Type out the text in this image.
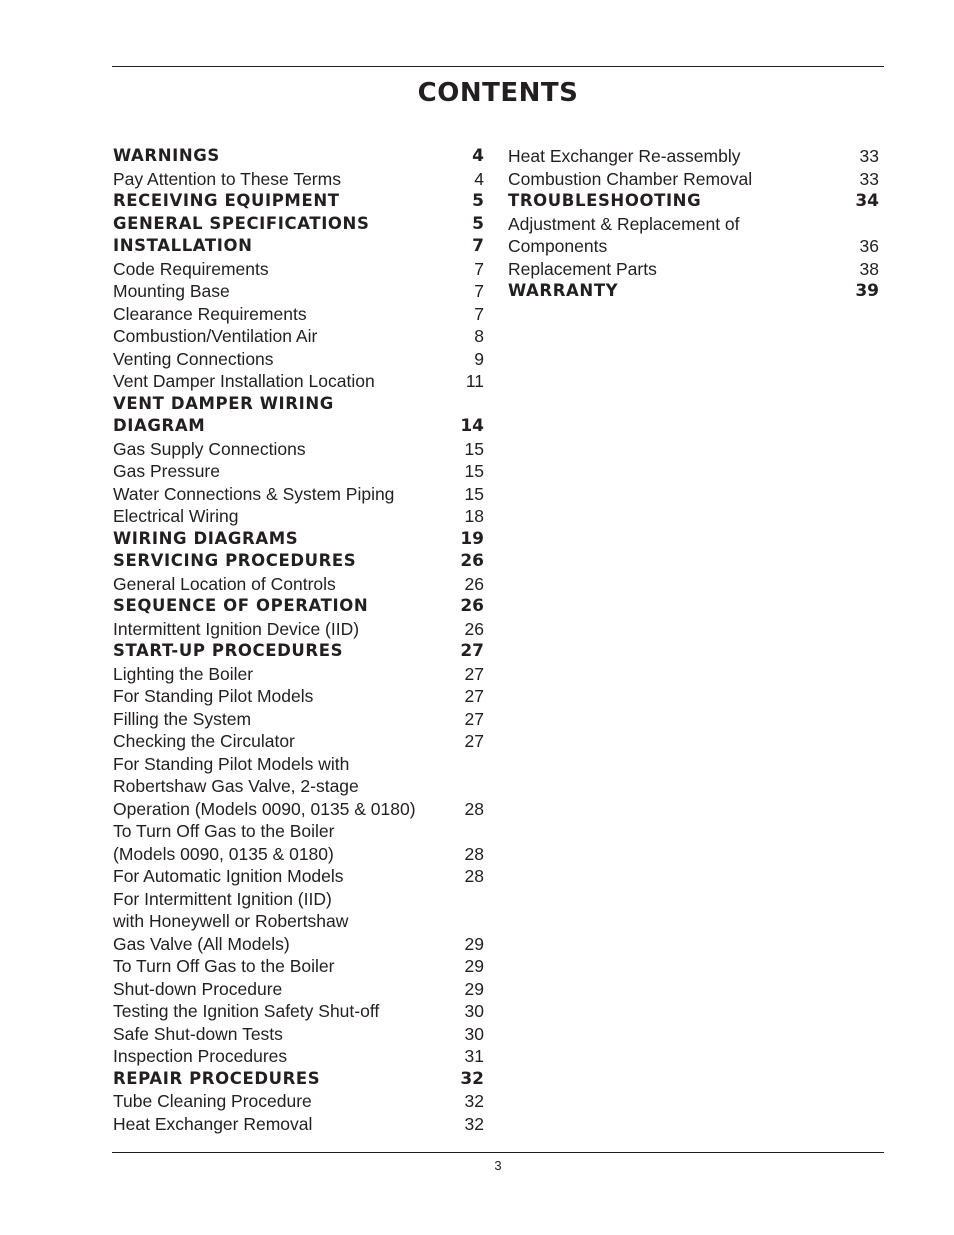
CONTENTS
WARNINGS	4
Pay Attention to These Terms	4
RECEIVING EQUIPMENT	5
GENERAL SPECIFICATIONS	5
INSTALLATION	7
Code Requirements	7
Mounting Base	7
Clearance Requirements	7
Combustion/Ventilation Air	8
Venting Connections	9
Vent Damper Installation Location	11
VENT DAMPER WIRING
DIAGRAM	14
Gas Supply Connections	15
Gas Pressure	15
Water Connections & System Piping	15
Electrical Wiring	18
WIRING DIAGRAMS	19
SERVICING PROCEDURES	26
General Location of Controls	26
SEQUENCE OF OPERATION	26
Intermittent Ignition Device (IID)	26
START-UP PROCEDURES	27
Lighting the Boiler	27
For Standing Pilot Models	27
Filling the System	27
Checking the Circulator	27
For Standing Pilot Models with
Robertshaw Gas Valve, 2-stage
Operation (Models 0090, 0135 & 0180)	28
To Turn Off Gas to the Boiler
(Models 0090, 0135 & 0180)	28
For Automatic Ignition Models	28
For Intermittent Ignition (IID)
with Honeywell or Robertshaw
Gas Valve (All Models)	29
To Turn Off Gas to the Boiler	29
Shut-down Procedure	29
Testing the Ignition Safety Shut-off	30
Safe Shut-down Tests	30
Inspection Procedures	31
REPAIR PROCEDURES	32
Tube Cleaning Procedure	32
Heat Exchanger Removal	32
Heat Exchanger Re-assembly	33
Combustion Chamber Removal	33
TROUBLESHOOTING	34
Adjustment & Replacement of
Components	36
Replacement Parts	38
WARRANTY	39
3
